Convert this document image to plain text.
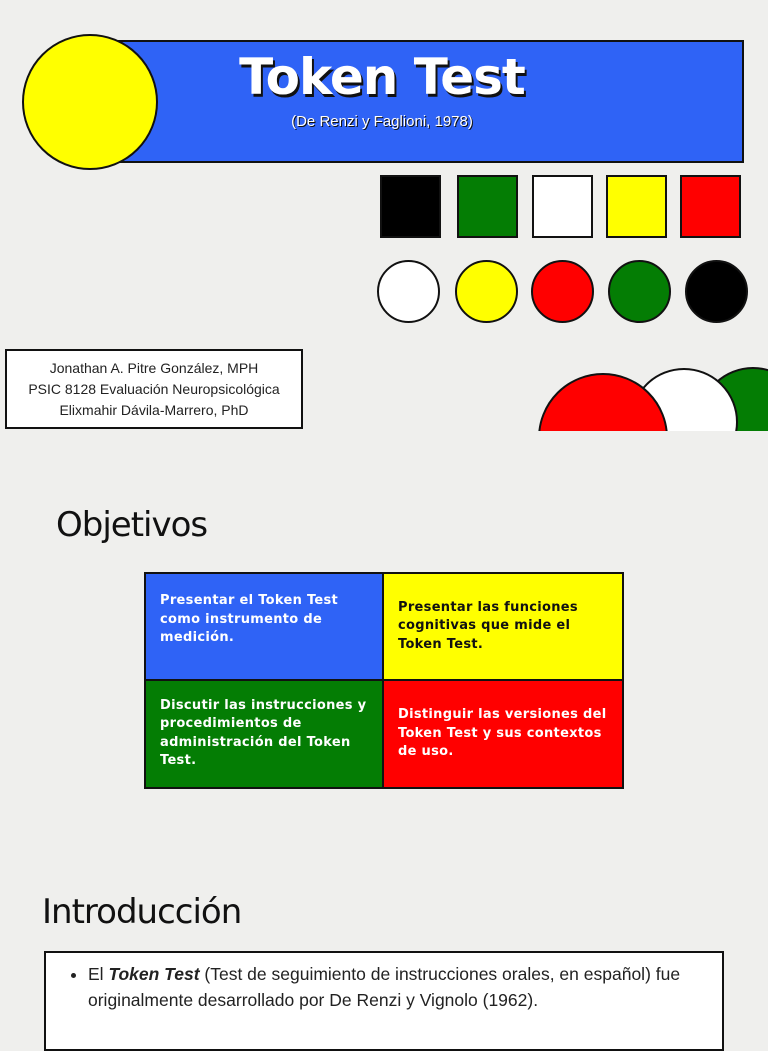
Token Test
(De Renzi y Faglioni, 1978)
Jonathan A. Pitre González, MPH
PSIC 8128 Evaluación Neuropsicológica
Elixmahir Dávila-Marrero, PhD
Objetivos
Presentar el Token Test como instrumento de medición.
Presentar las funciones cognitivas que mide el Token Test.
Discutir las instrucciones y procedimientos de administración del Token Test.
Distinguir las versiones del Token Test y sus contextos de uso.
Introducción
• El Token Test (Test de seguimiento de instrucciones orales, en español) fue originalmente desarrollado por De Renzi y Vignolo (1962).
